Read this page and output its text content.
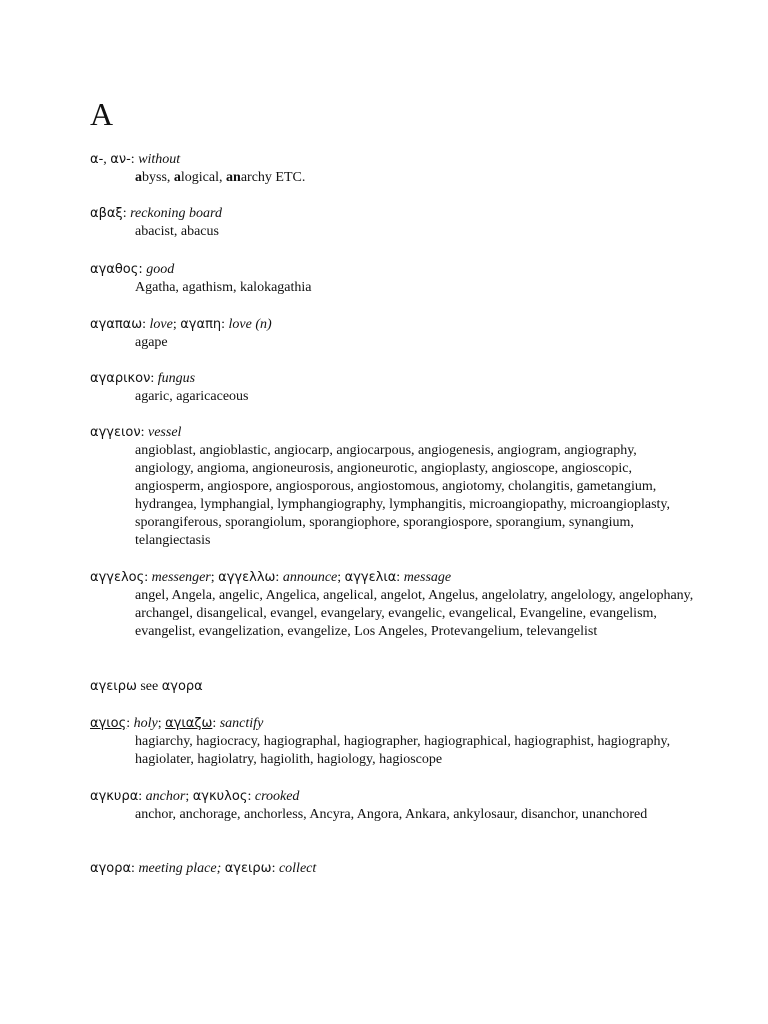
A
α-, αν-: without
abyss, alogical, anarchy ETC.
αβαξ: reckoning board
abacist, abacus
αγαθος: good
Agatha, agathism, kalokagathia
αγαπαω: love; αγαπη: love (n)
agape
αγαρικον: fungus
agaric, agaricaceous
αγγειον: vessel
angioblast, angioblastic, angiocarp, angiocarpous, angiogenesis, angiogram, angiography, angiology, angioma, angioneurosis, angioneurotic, angioplasty, angioscope, angioscopic, angiosperm, angiospore, angiosporous, angiostomous, angiotomy, cholangitis, gametangium, hydrangea, lymphangial, lymphangiography, lymphangitis, microangiopathy, microangioplasty, sporangiferous, sporangiolum, sporangiophore, sporangiospore, sporangium, synangium, telangiectasis
αγγελος: messenger; αγγελλω: announce; αγγελια: message
angel, Angela, angelic, Angelica, angelical, angelot, Angelus, angelolatry, angelology, angelophany, archangel, disangelical, evangel, evangelary, evangelic, evangelical, Evangeline, evangelism, evangelist, evangelization, evangelize, Los Angeles, Protevangelium, televangelist
αγειρω see αγορα
αγιος: holy; αγιαζω: sanctify
hagiarchy, hagiocracy, hagiographal, hagiographer, hagiographical, hagiographist, hagiography, hagiolater, hagiolatry, hagiolith, hagiology, hagioscope
αγκυρα: anchor; αγκυλος: crooked
anchor, anchorage, anchorless, Ancyra, Angora, Ankara, ankylosaur, disanchor, unanchored
αγορα: meeting place; αγειρω: collect
